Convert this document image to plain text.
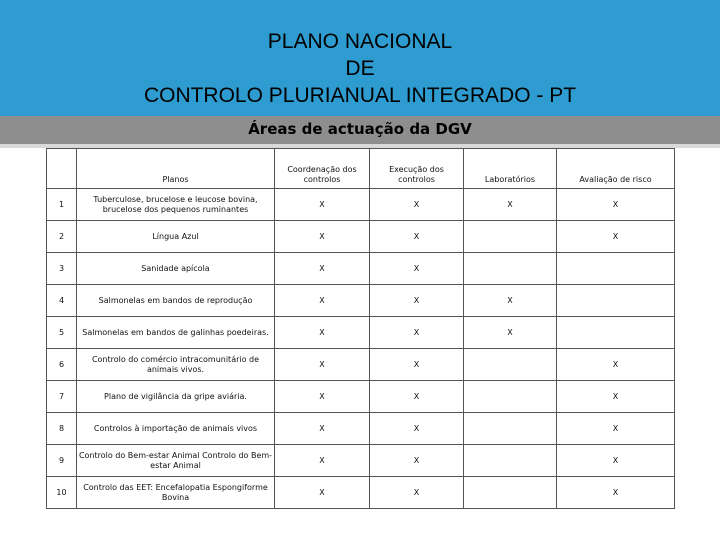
PLANO NACIONAL
DE
CONTROLO PLURIANUAL INTEGRADO - PT
Áreas de actuação da DGV
	Planos	Coordenação dos controlos	Execução dos controlos	Laboratórios	Avaliação de risco
1	Tuberculose, brucelose e leucose bovina, brucelose dos pequenos ruminantes	X	X	X	X
2	Língua Azul	X	X		X
3	Sanidade apícola	X	X		
4	Salmonelas em bandos de reprodução	X	X	X	
5	Salmonelas em bandos de galinhas poedeiras.	X	X	X	
6	Controlo do comércio intracomunitário de animais vivos.	X	X		X
7	Plano de vigilância da gripe aviária.	X	X		X
8	Controlos à importação de animais vivos	X	X		X
9	Controlo do Bem-estar Animal Controlo do Bem-estar Animal	X	X		X
10	Controlo das EET: Encefalopatia Espongiforme Bovina	X	X		X
